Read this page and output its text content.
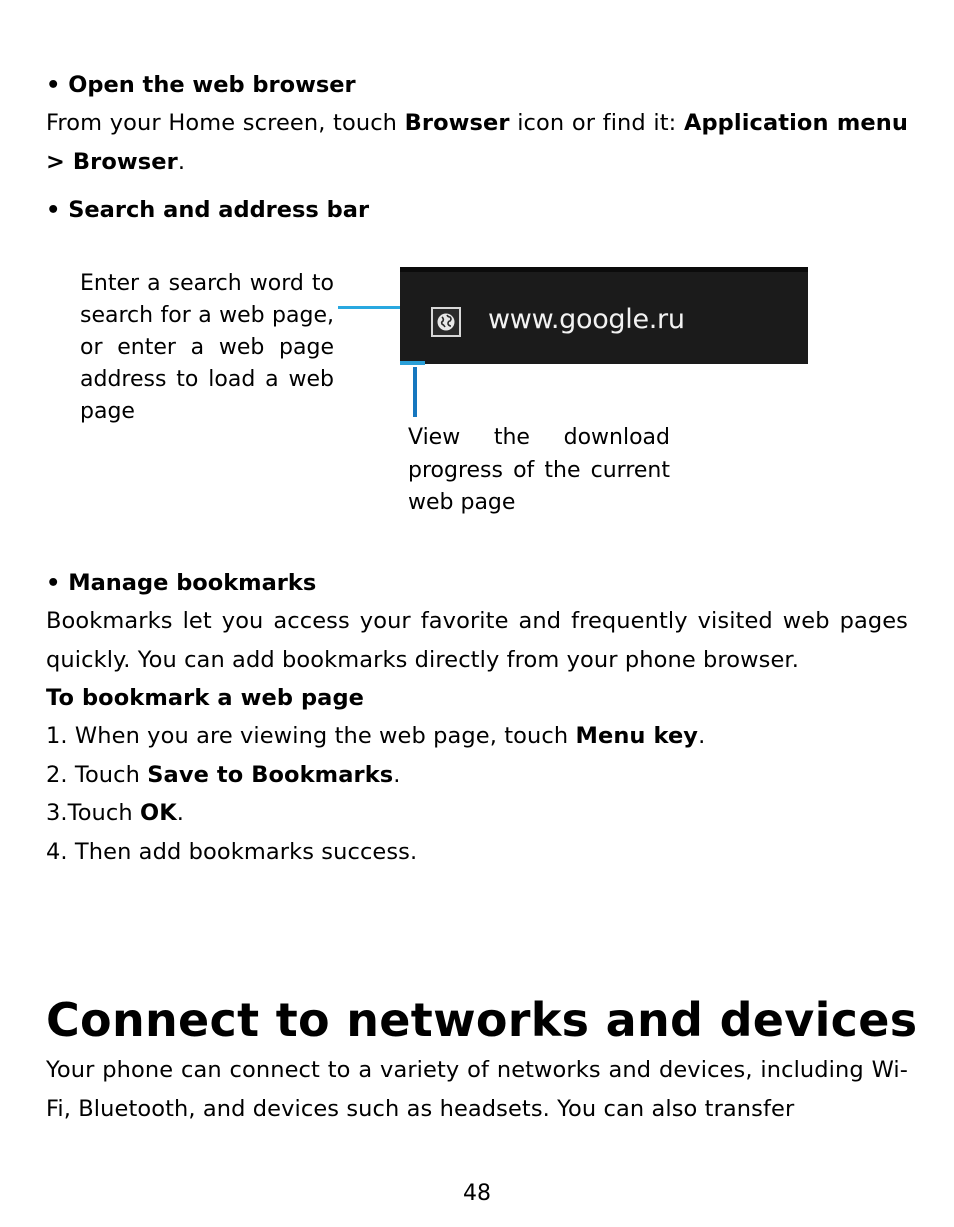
• Open the web browser

From your Home screen, touch Browser icon or find it: Application menu > Browser.

• Search and address bar

Enter a search word to search for a web page, or enter a web page address to load a web page

www.google.ru

View the download progress of the current web page

• Manage bookmarks

Bookmarks let you access your favorite and frequently visited web pages quickly. You can add bookmarks directly from your phone browser.

To bookmark a web page

1. When you are viewing the web page, touch Menu key.

2. Touch Save to Bookmarks.

3.Touch OK.

4. Then add bookmarks success.

Connect to networks and devices

Your phone can connect to a variety of networks and devices, including Wi-Fi, Bluetooth, and devices such as headsets. You can also transfer

48
